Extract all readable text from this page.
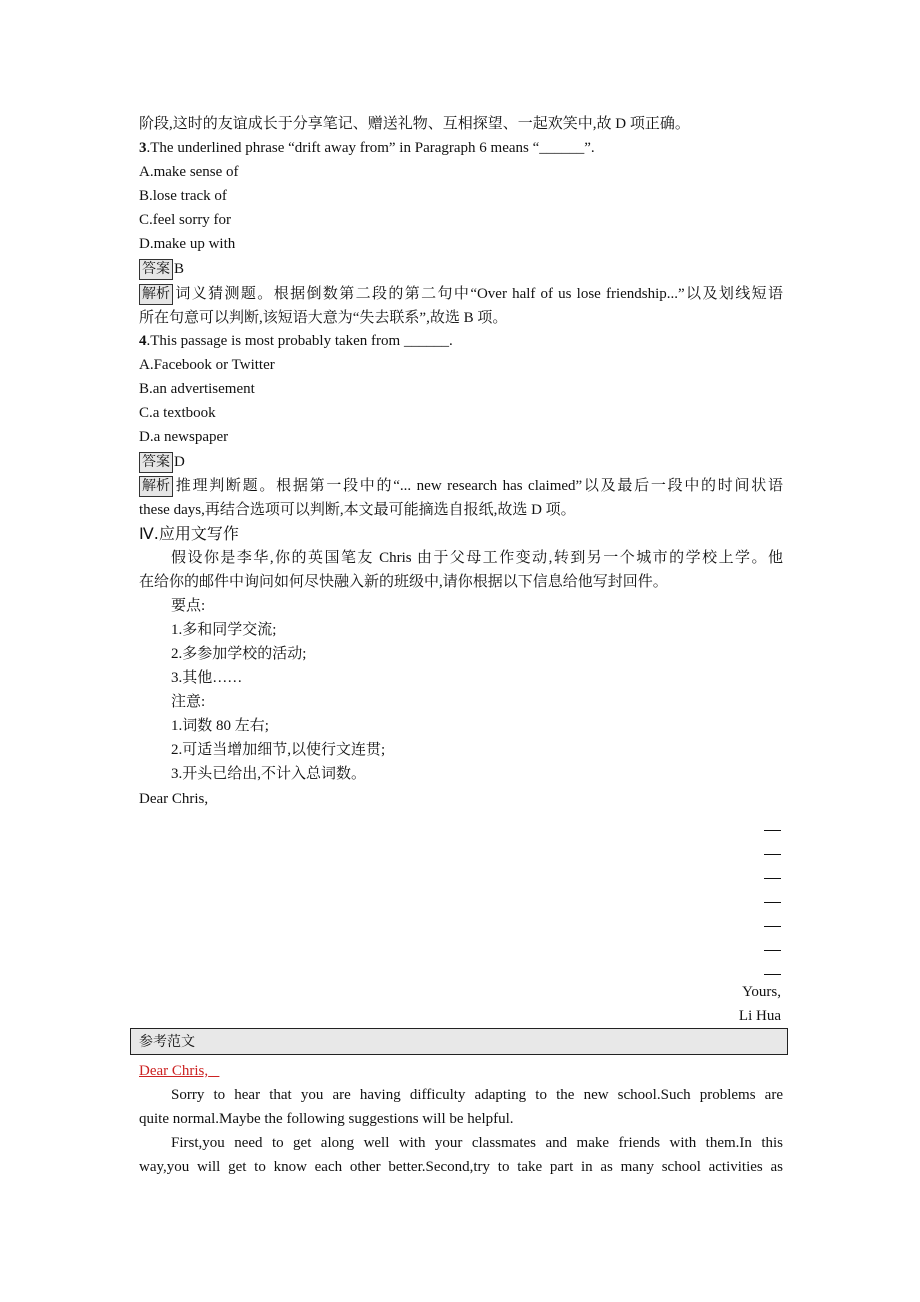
阶段,这时的友谊成长于分享笔记、赠送礼物、互相探望、一起欢笑中,故 D 项正确。
3.The underlined phrase “drift away from” in Paragraph 6 means “______”.
A.make sense of
B.lose track of
C.feel sorry for
D.make up with
答案 B
解析 词义猜测题。根据倒数第二段的第二句中“Over half of us lose friendship...”以及划线短语
所在句意可以判断,该短语大意为“失去联系”,故选 B 项。
4.This passage is most probably taken from ______.
A.Facebook or Twitter
B.an advertisement
C.a textbook
D.a newspaper
答案 D
解析 推理判断题。根据第一段中的“... new research has claimed”以及最后一段中的时间状语
these days,再结合选项可以判断,本文最可能摘选自报纸,故选 D 项。
Ⅳ.应用文写作
假设你是李华,你的英国笔友 Chris 由于父母工作变动,转到另一个城市的学校上学。他
在给你的邮件中询问如何尽快融入新的班级中,请你根据以下信息给他写封回件。
要点:
1.多和同学交流;
2.多参加学校的活动;
3.其他……
注意:
1.词数 80 左右;
2.可适当增加细节,以使行文连贯;
3.开头已给出,不计入总词数。
Dear Chris,
Yours,
Li Hua
参考范文
Dear Chris,
Sorry to hear that you are having difficulty adapting to the new school.Such problems are
quite normal.Maybe the following suggestions will be helpful.
First,you need to get along well with your classmates and make friends with them.In this
way,you will get to know each other better.Second,try to take part in as many school activities as
